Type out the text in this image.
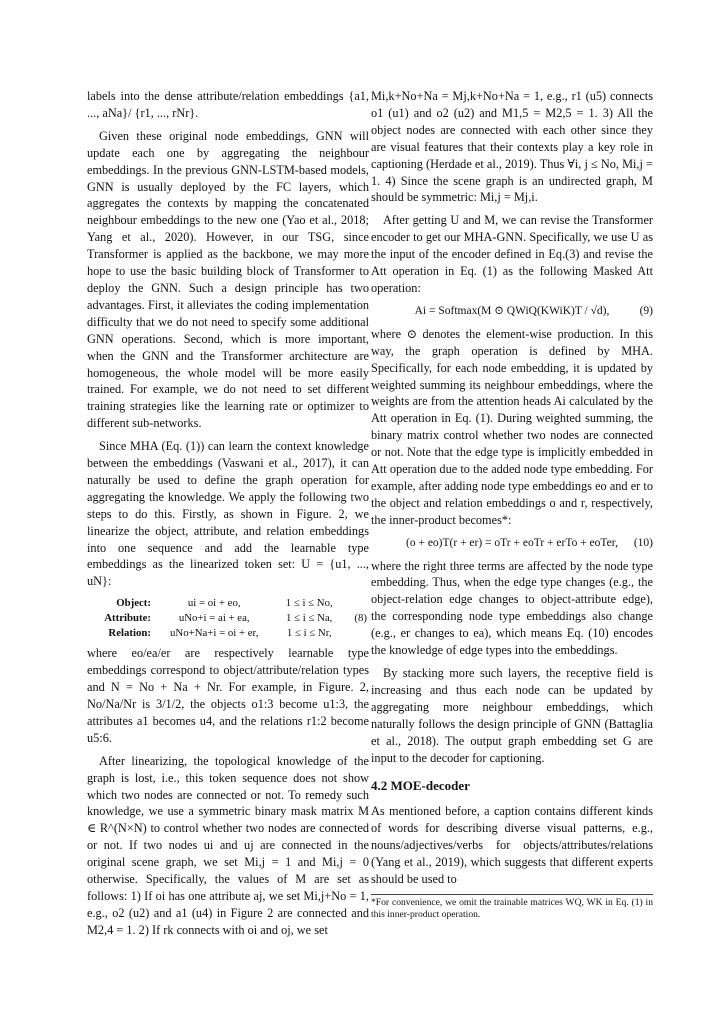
labels into the dense attribute/relation embeddings {a1, ..., aNa}/ {r1, ..., rNr}.

Given these original node embeddings, GNN will update each one by aggregating the neighbour embeddings. In the previous GNN-LSTM-based models, GNN is usually deployed by the FC layers, which aggregates the contexts by mapping the concatenated neighbour embeddings to the new one (Yao et al., 2018; Yang et al., 2020). However, in our TSG, since Transformer is applied as the backbone, we may more hope to use the basic building block of Transformer to deploy the GNN. Such a design principle has two advantages. First, it alleviates the coding implementation difficulty that we do not need to specify some additional GNN operations. Second, which is more important, when the GNN and the Transformer architecture are homogeneous, the whole model will be more easily trained. For example, we do not need to set different training strategies like the learning rate or optimizer to different sub-networks.

Since MHA (Eq. (1)) can learn the context knowledge between the embeddings (Vaswani et al., 2017), it can naturally be used to define the graph operation for aggregating the knowledge. We apply the following two steps to do this. Firstly, as shown in Figure. 2, we linearize the object, attribute, and relation embeddings into one sequence and add the learnable type embeddings as the linearized token set: U = {u1, ..., uN}:

Object:	ui = oi + eo,	1 ≤ i ≤ No,	
Attribute:	uNo+i = ai + ea,	1 ≤ i ≤ Na,	(8)
Relation:	uNo+Na+i = oi + er,	1 ≤ i ≤ Nr,	

where eo/ea/er are respectively learnable type embeddings correspond to object/attribute/relation types and N = No + Na + Nr. For example, in Figure. 2, No/Na/Nr is 3/1/2, the objects o1:3 become u1:3, the attributes a1 becomes u4, and the relations r1:2 become u5:6.

After linearizing, the topological knowledge of the graph is lost, i.e., this token sequence does not show which two nodes are connected or not. To remedy such knowledge, we use a symmetric binary mask matrix M ∈ R^(N×N) to control whether two nodes are connected or not. If two nodes ui and uj are connected in the original scene graph, we set Mi,j = 1 and Mi,j = 0 otherwise. Specifically, the values of M are set as follows: 1) If oi has one attribute aj, we set Mi,j+No = 1, e.g., o2 (u2) and a1 (u4) in Figure 2 are connected and M2,4 = 1. 2) If rk connects with oi and oj, we set

Mi,k+No+Na = Mj,k+No+Na = 1, e.g., r1 (u5) connects o1 (u1) and o2 (u2) and M1,5 = M2,5 = 1. 3) All the object nodes are connected with each other since they are visual features that their contexts play a key role in captioning (Herdade et al., 2019). Thus ∀i, j ≤ No, Mi,j = 1. 4) Since the scene graph is an undirected graph, M should be symmetric: Mi,j = Mj,i.

After getting U and M, we can revise the Transformer encoder to get our MHA-GNN. Specifically, we use U as the input of the encoder defined in Eq.(3) and revise the Att operation in Eq. (1) as the following Masked Att operation:

Ai = Softmax(M ⊙ QWiQ(KWiK)T / √d),	(9)

where ⊙ denotes the element-wise production. In this way, the graph operation is defined by MHA. Specifically, for each node embedding, it is updated by weighted summing its neighbour embeddings, where the weights are from the attention heads Ai calculated by the Att operation in Eq. (1). During weighted summing, the binary matrix control whether two nodes are connected or not. Note that the edge type is implicitly embedded in Att operation due to the added node type embedding. For example, after adding node type embeddings eo and er to the object and relation embeddings o and r, respectively, the inner-product becomes*:

(o + eo)T(r + er) = oTr + eoTr + erTo + eoTer, (10)

where the right three terms are affected by the node type embedding. Thus, when the edge type changes (e.g., the object-relation edge changes to object-attribute edge), the corresponding node type embeddings also change (e.g., er changes to ea), which means Eq. (10) encodes the knowledge of edge types into the embeddings.

By stacking more such layers, the receptive field is increasing and thus each node can be updated by aggregating more neighbour embeddings, which naturally follows the design principle of GNN (Battaglia et al., 2018). The output graph embedding set G are input to the decoder for captioning.

4.2 MOE-decoder

As mentioned before, a caption contains different kinds of words for describing diverse visual patterns, e.g., nouns/adjectives/verbs for objects/attributes/relations (Yang et al., 2019), which suggests that different experts should be used to

*For convenience, we omit the trainable matrices WQ, WK in Eq. (1) in this inner-product operation.
